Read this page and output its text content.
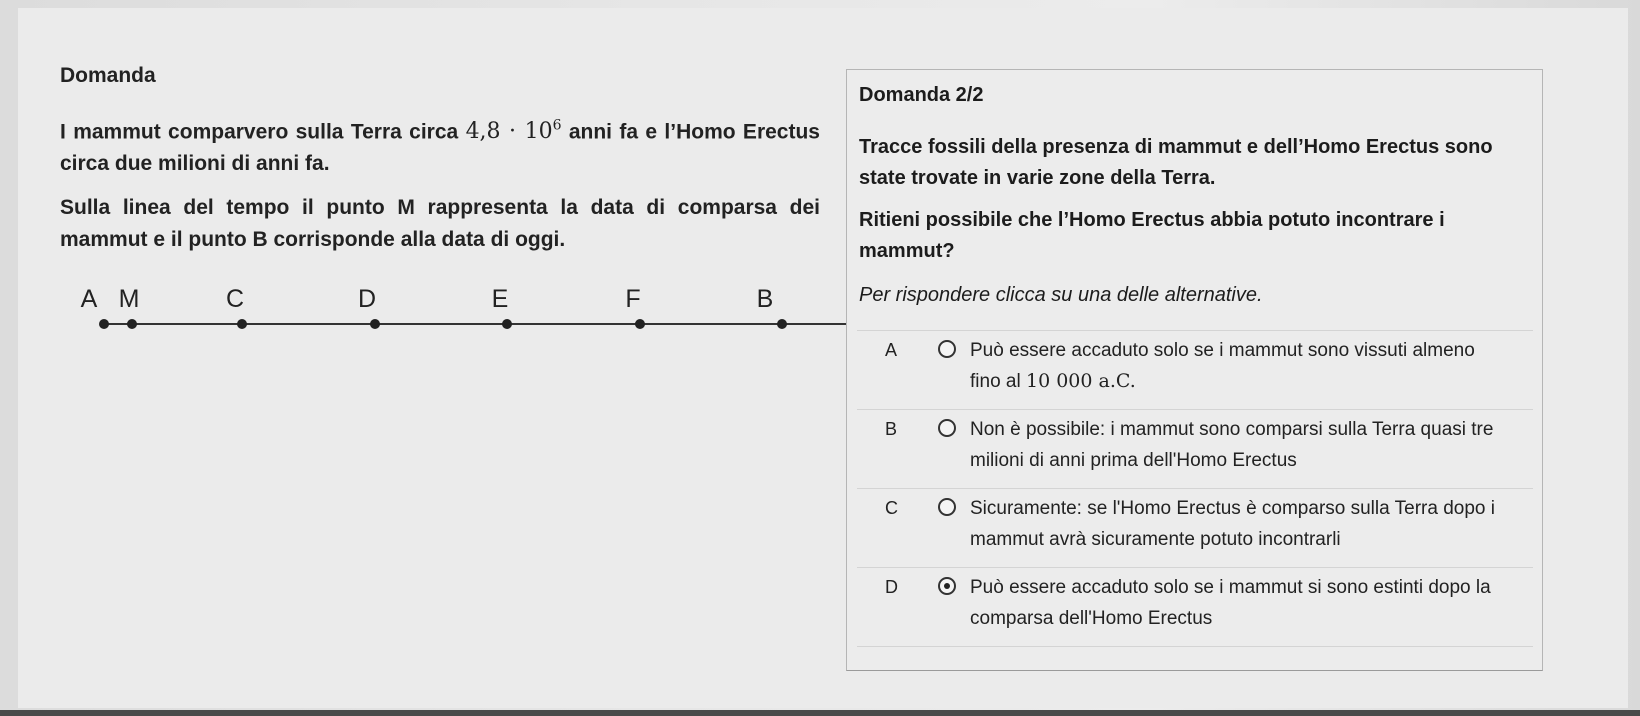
Domanda
I mammut comparvero sulla Terra circa $4,8 \cdot 10^6$ anni fa e l’Homo Erectus circa due milioni di anni fa.
Sulla linea del tempo il punto M rappresenta la data di comparsa dei mammut e il punto B corrisponde alla data di oggi.
A M	C	D	E	F	B
Domanda 2/2
Tracce fossili della presenza di mammut e dell’Homo Erectus sono state trovate in varie zone della Terra.
Ritieni possibile che l’Homo Erectus abbia potuto incontrare i mammut?
Per rispondere clicca su una delle alternative.
A	Può essere accaduto solo se i mammut sono vissuti almeno fino al 10 000 a.C.
B	Non è possibile: i mammut sono comparsi sulla Terra quasi tre milioni di anni prima dell'Homo Erectus
C	Sicuramente: se l'Homo Erectus è comparso sulla Terra dopo i mammut avrà sicuramente potuto incontrarli
D	Può essere accaduto solo se i mammut si sono estinti dopo la comparsa dell'Homo Erectus
